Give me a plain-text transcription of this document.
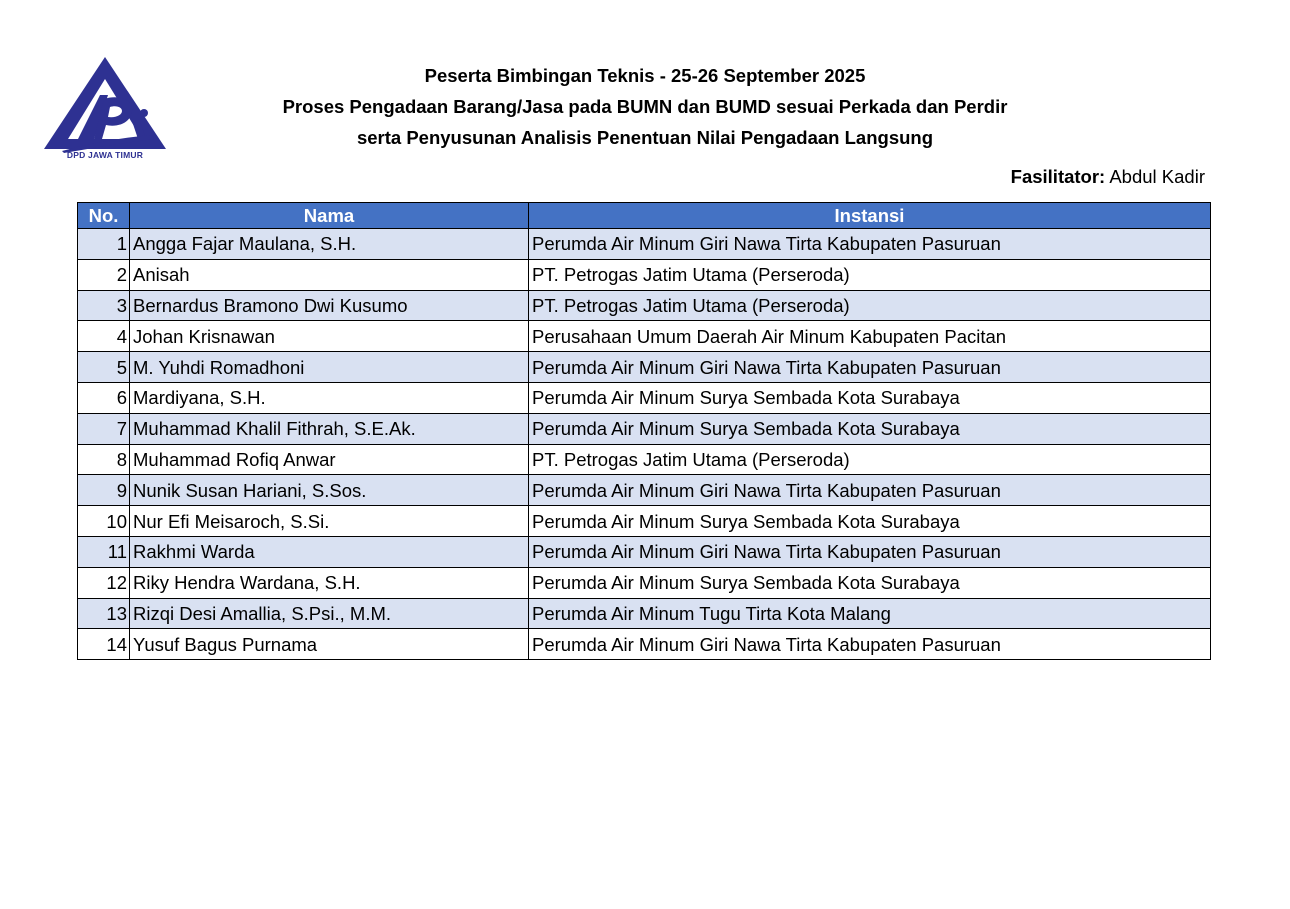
DPD JAWA TIMUR
Peserta Bimbingan Teknis - 25-26 September 2025
Proses Pengadaan Barang/Jasa pada BUMN dan BUMD sesuai Perkada dan Perdir
serta Penyusunan Analisis Penentuan Nilai Pengadaan Langsung
Fasilitator: Abdul Kadir
No.	Nama	Instansi
1	Angga Fajar Maulana, S.H.	Perumda Air Minum Giri Nawa Tirta Kabupaten Pasuruan
2	Anisah	PT. Petrogas Jatim Utama (Perseroda)
3	Bernardus Bramono Dwi Kusumo	PT. Petrogas Jatim Utama (Perseroda)
4	Johan Krisnawan	Perusahaan Umum Daerah Air Minum Kabupaten Pacitan
5	M. Yuhdi Romadhoni	Perumda Air Minum Giri Nawa Tirta Kabupaten Pasuruan
6	Mardiyana, S.H.	Perumda Air Minum Surya Sembada Kota Surabaya
7	Muhammad Khalil Fithrah, S.E.Ak.	Perumda Air Minum Surya Sembada Kota Surabaya
8	Muhammad Rofiq Anwar	PT. Petrogas Jatim Utama (Perseroda)
9	Nunik Susan Hariani, S.Sos.	Perumda Air Minum Giri Nawa Tirta Kabupaten Pasuruan
10	Nur Efi Meisaroch, S.Si.	Perumda Air Minum Surya Sembada Kota Surabaya
11	Rakhmi Warda	Perumda Air Minum Giri Nawa Tirta Kabupaten Pasuruan
12	Riky Hendra Wardana, S.H.	Perumda Air Minum Surya Sembada Kota Surabaya
13	Rizqi Desi Amallia, S.Psi., M.M.	Perumda Air Minum Tugu Tirta Kota Malang
14	Yusuf Bagus Purnama	Perumda Air Minum Giri Nawa Tirta Kabupaten Pasuruan
